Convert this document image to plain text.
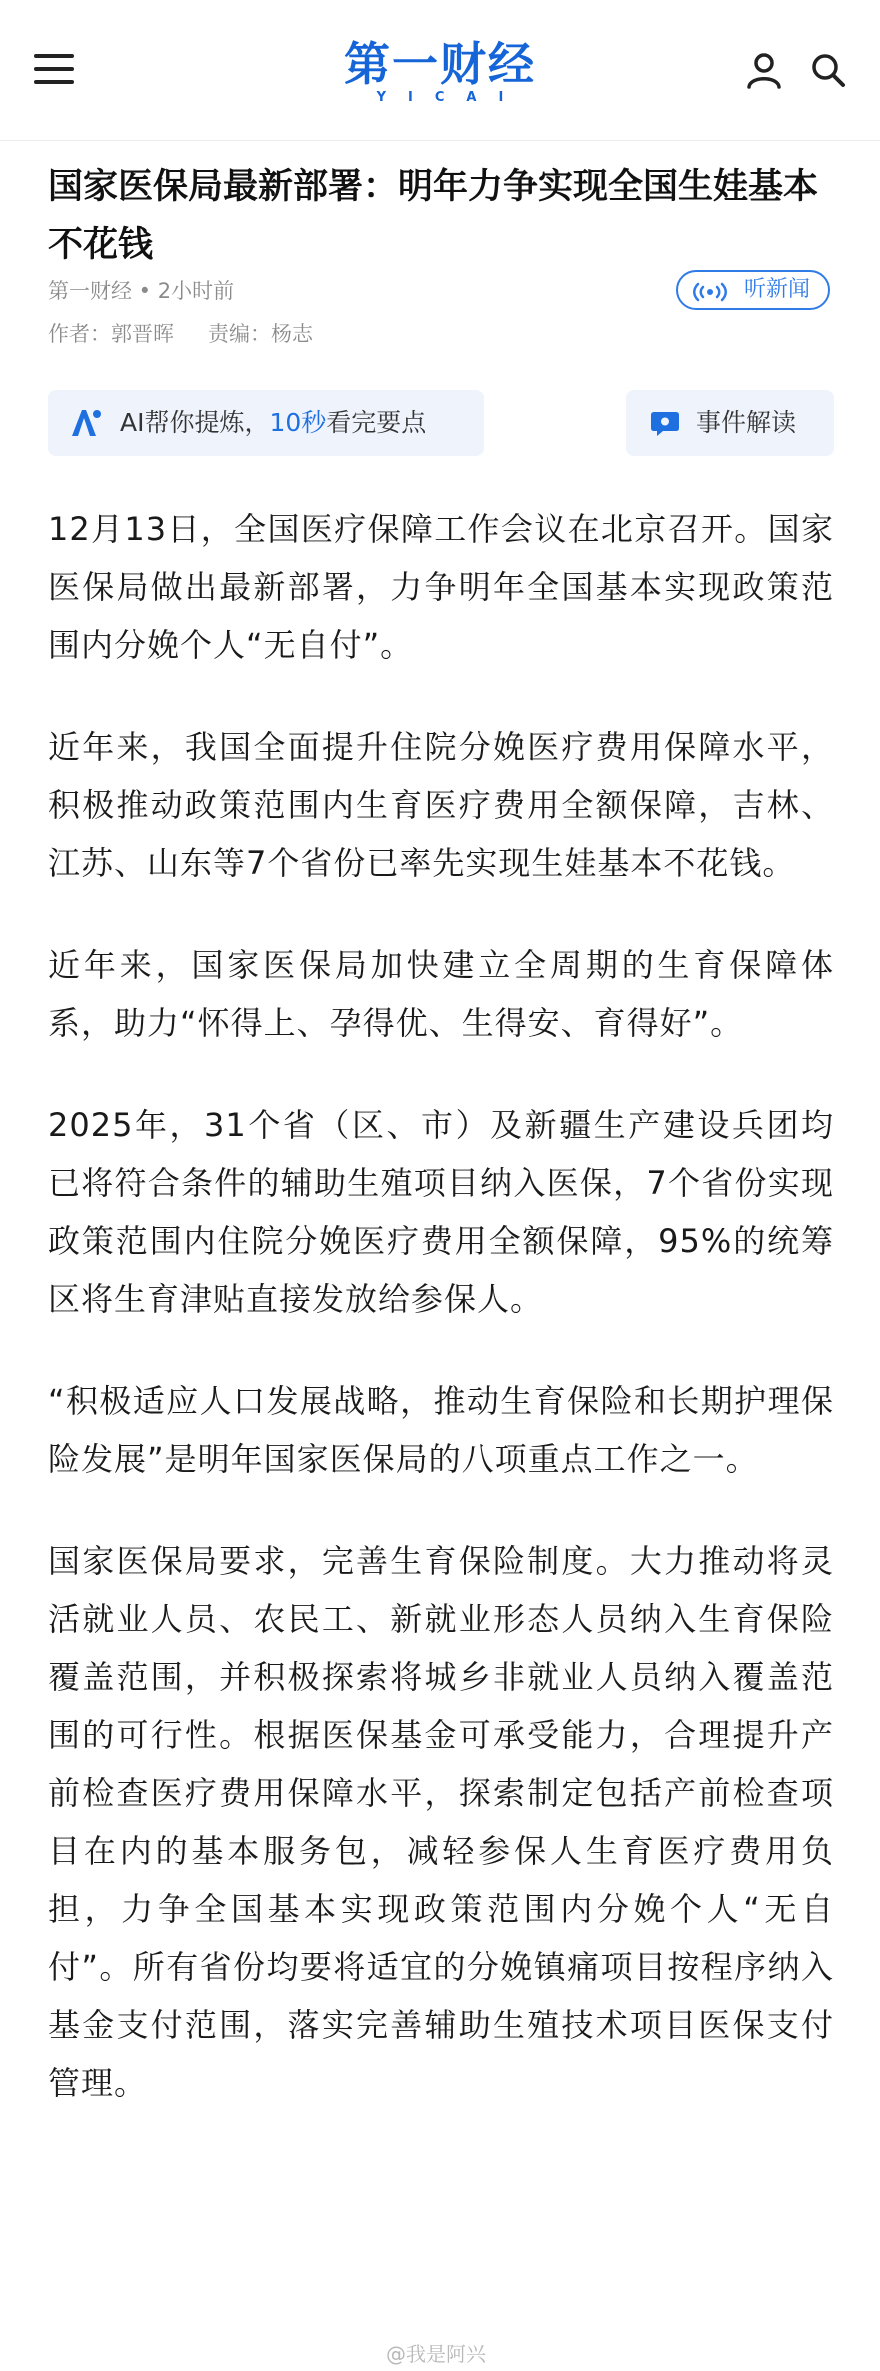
第一财经
YICAI
国家医保局最新部署：明年力争实现全国生娃基本不花钱
第一财经 • 2小时前
作者：郭晋晖 责编：杨志
听新闻
AI帮你提炼，10秒看完要点	事件解读

12月13日，全国医疗保障工作会议在北京召开。国家医保局做出最新部署，力争明年全国基本实现政策范围内分娩个人“无自付”。

近年来，我国全面提升住院分娩医疗费用保障水平，积极推动政策范围内生育医疗费用全额保障，吉林、江苏、山东等7个省份已率先实现生娃基本不花钱。

近年来，国家医保局加快建立全周期的生育保障体系，助力“怀得上、孕得优、生得安、育得好”。

2025年，31个省（区、市）及新疆生产建设兵团均已将符合条件的辅助生殖项目纳入医保，7个省份实现政策范围内住院分娩医疗费用全额保障，95%的统筹区将生育津贴直接发放给参保人。

“积极适应人口发展战略，推动生育保险和长期护理保险发展”是明年国家医保局的八项重点工作之一。

国家医保局要求，完善生育保险制度。大力推动将灵活就业人员、农民工、新就业形态人员纳入生育保险覆盖范围，并积极探索将城乡非就业人员纳入覆盖范围的可行性。根据医保基金可承受能力，合理提升产前检查医疗费用保障水平，探索制定包括产前检查项目在内的基本服务包，减轻参保人生育医疗费用负担，力争全国基本实现政策范围内分娩个人“无自付”。所有省份均要将适宜的分娩镇痛项目按程序纳入基金支付范围，落实完善辅助生殖技术项目医保支付管理。

@我是阿兴
